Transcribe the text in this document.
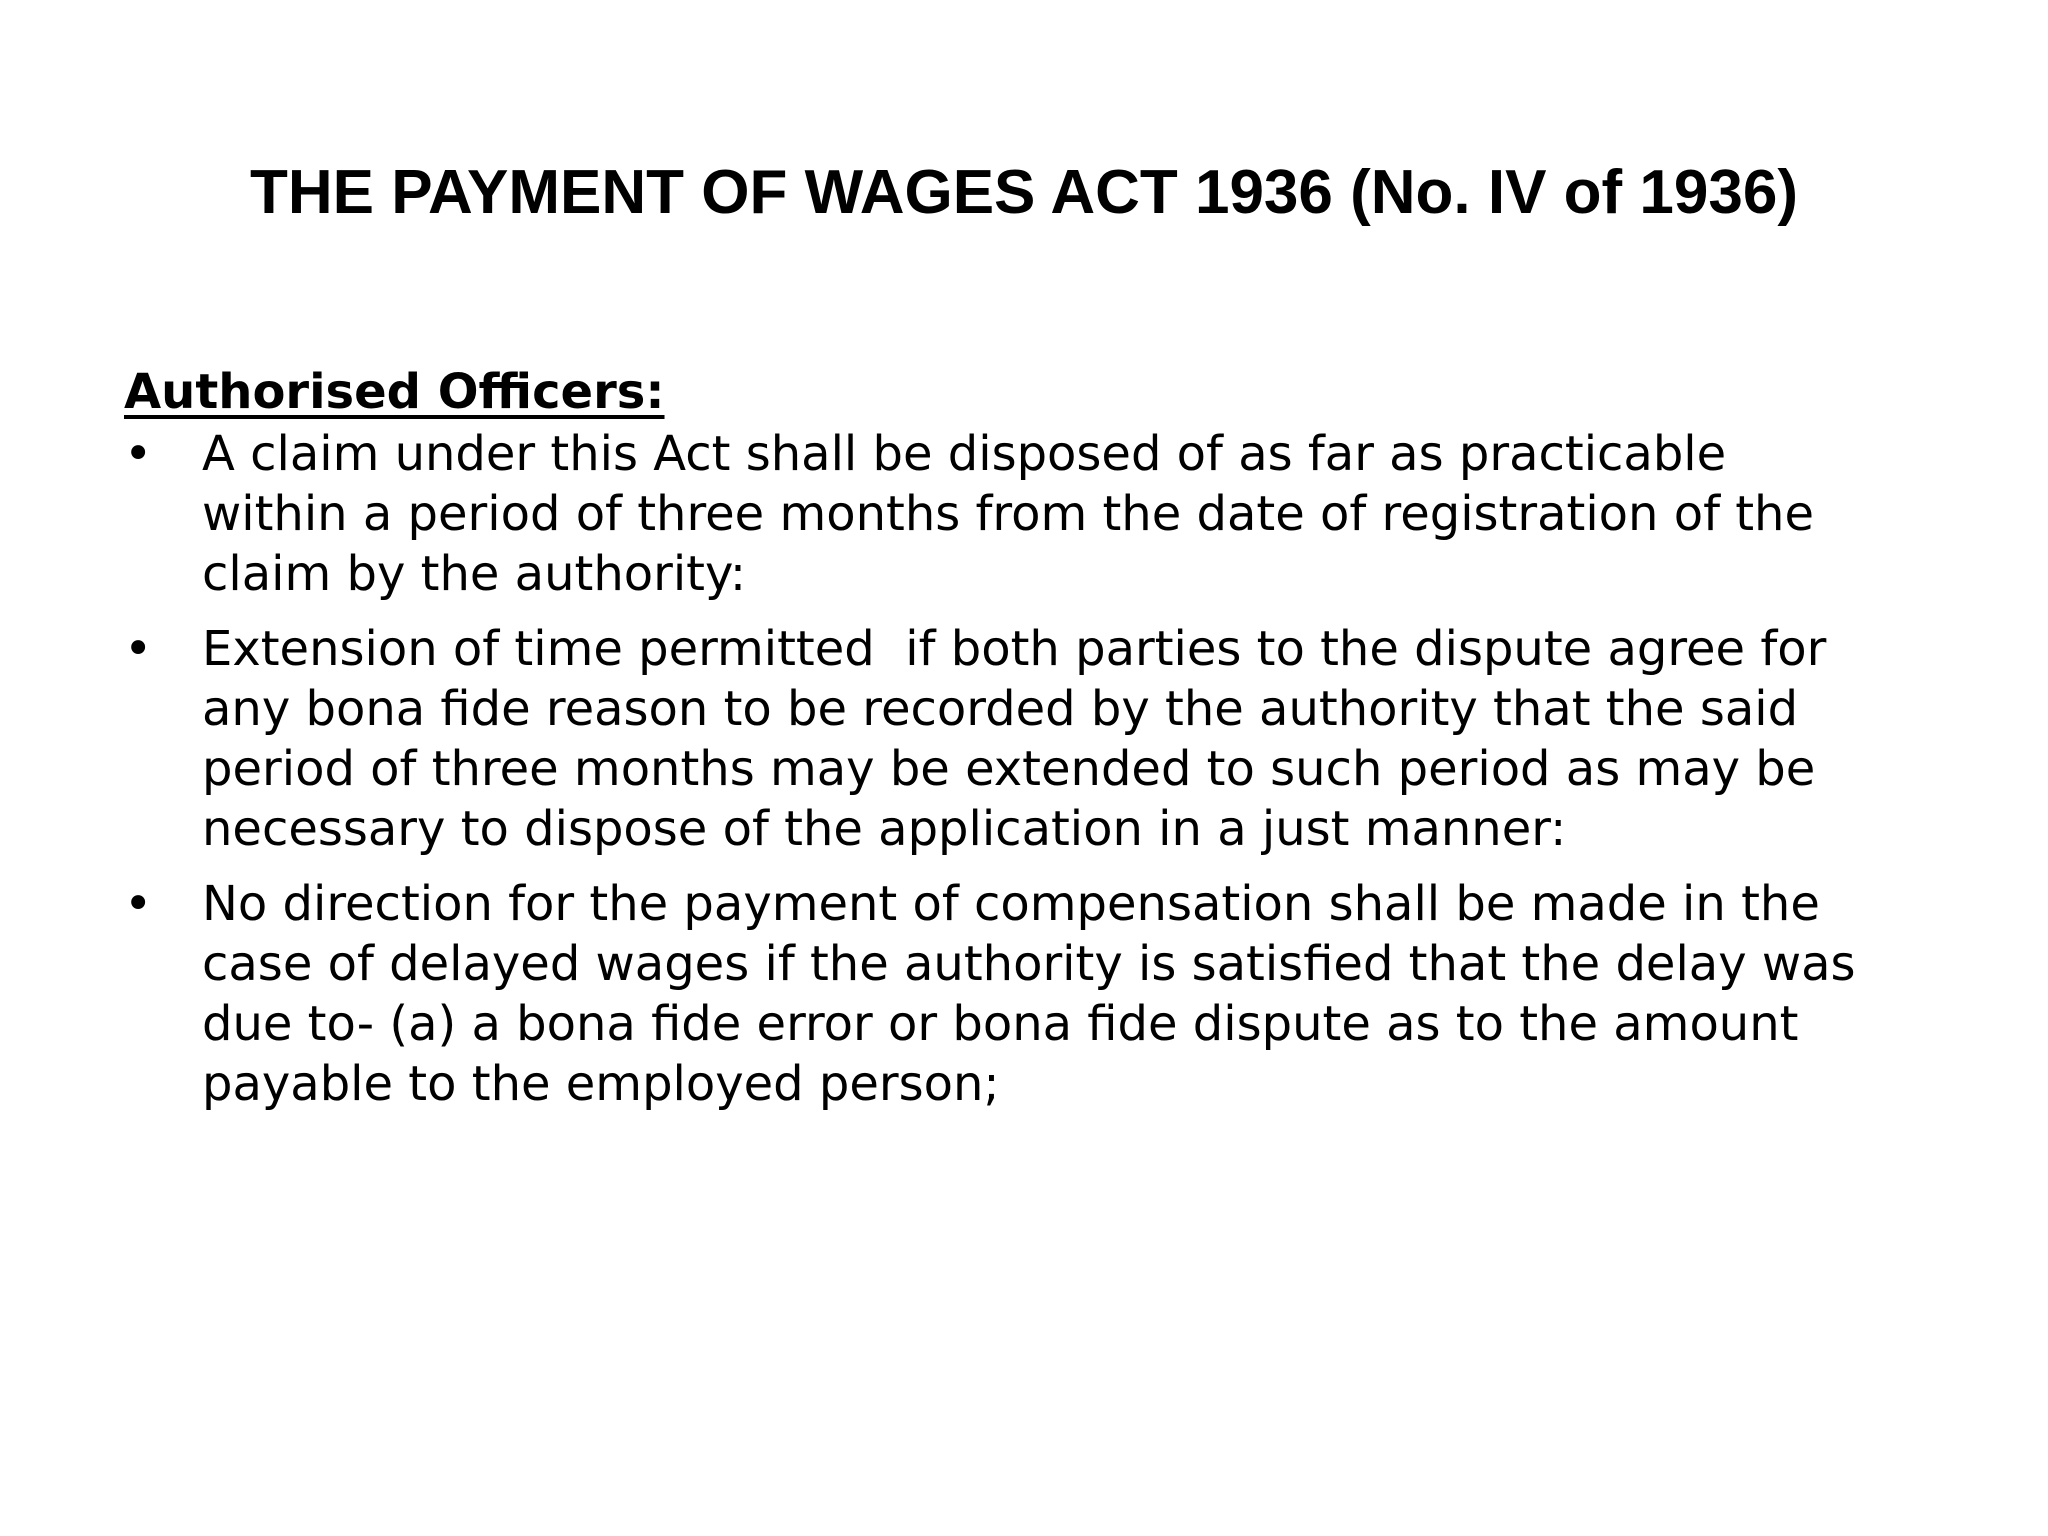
THE PAYMENT OF WAGES ACT 1936 (No. IV of 1936)
Authorised Officers:
• A claim under this Act shall be disposed of as far as practicable
within a period of three months from the date of registration of the
claim by the authority:
• Extension of time permitted  if both parties to the dispute agree for
any bona fide reason to be recorded by the authority that the said
period of three months may be extended to such period as may be
necessary to dispose of the application in a just manner:
• No direction for the payment of compensation shall be made in the
case of delayed wages if the authority is satisfied that the delay was
due to- (a) a bona fide error or bona fide dispute as to the amount
payable to the employed person;
